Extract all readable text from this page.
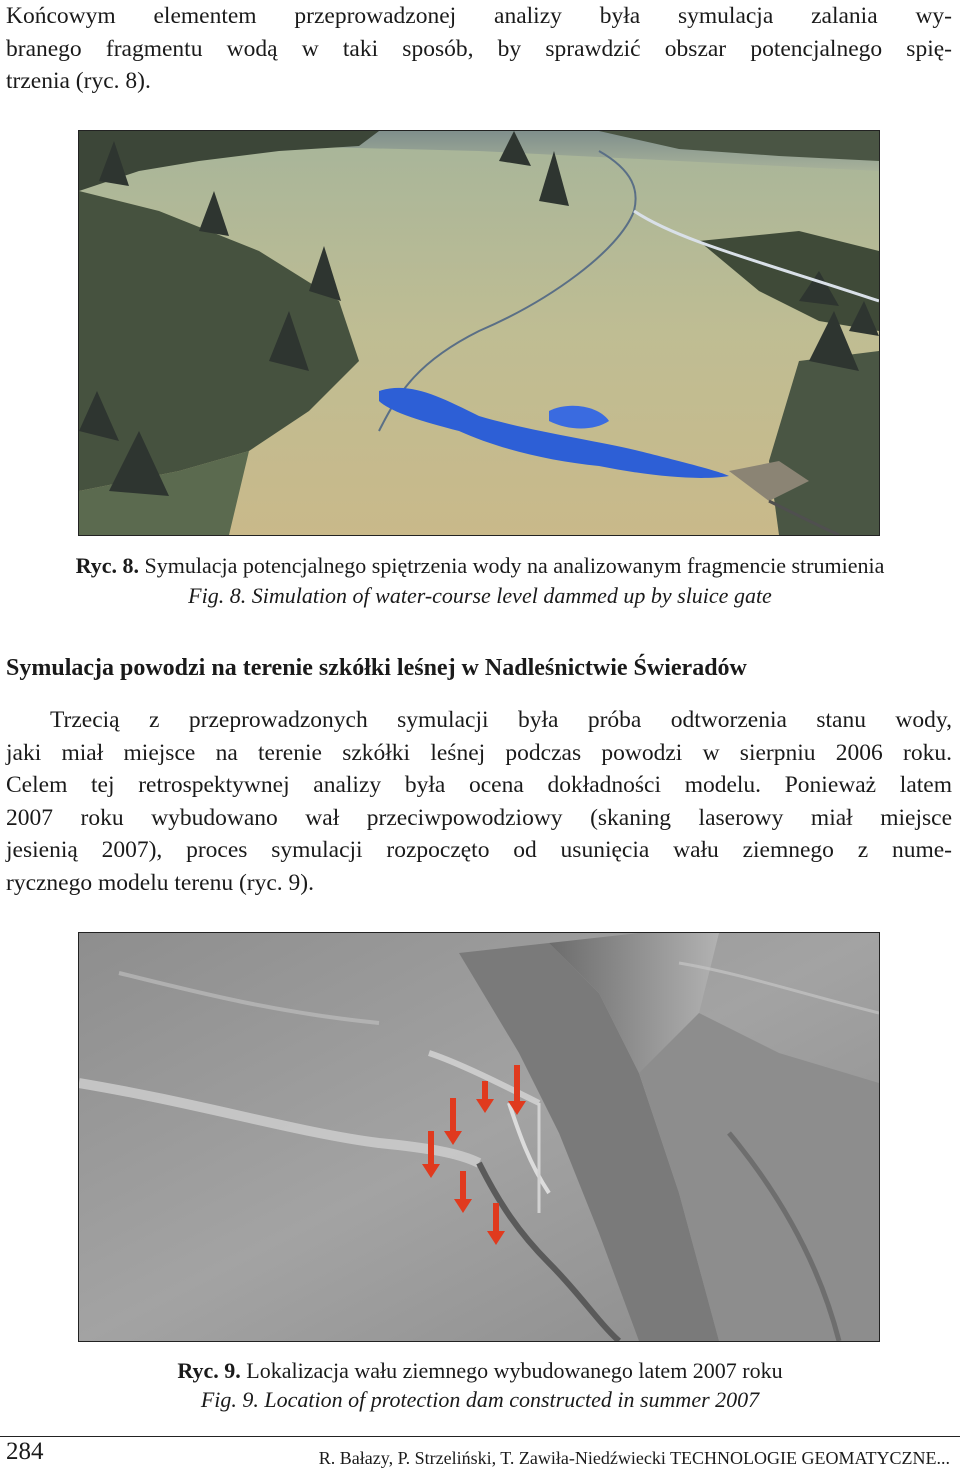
Końcowym elementem przeprowadzonej analizy była symulacja zalania wy-
branego fragmentu wodą w taki sposób, by sprawdzić obszar potencjalnego spię-
trzenia (ryc. 8).

Ryc. 8. Symulacja potencjalnego spiętrzenia wody na analizowanym fragmencie strumienia
Fig. 8. Simulation of water-course level dammed up by sluice gate
Symulacja powodzi na terenie szkółki leśnej w Nadleśnictwie Świeradów

Trzecią z przeprowadzonych symulacji była próba odtworzenia stanu wody,
jaki miał miejsce na terenie szkółki leśnej podczas powodzi w sierpniu 2006 roku.
Celem tej retrospektywnej analizy była ocena dokładności modelu. Ponieważ latem
2007 roku wybudowano wał przeciwpowodziowy (skaning laserowy miał miejsce
jesienią 2007), proces symulacji rozpoczęto od usunięcia wału ziemnego z nume-
rycznego modelu terenu (ryc. 9).

Ryc. 9. Lokalizacja wału ziemnego wybudowanego latem 2007 roku
Fig. 9. Location of protection dam constructed in summer 2007
284	R. Bałazy, P. Strzeliński, T. Zawiła-Niedźwiecki TECHNOLOGIE GEOMATYCZNE...
